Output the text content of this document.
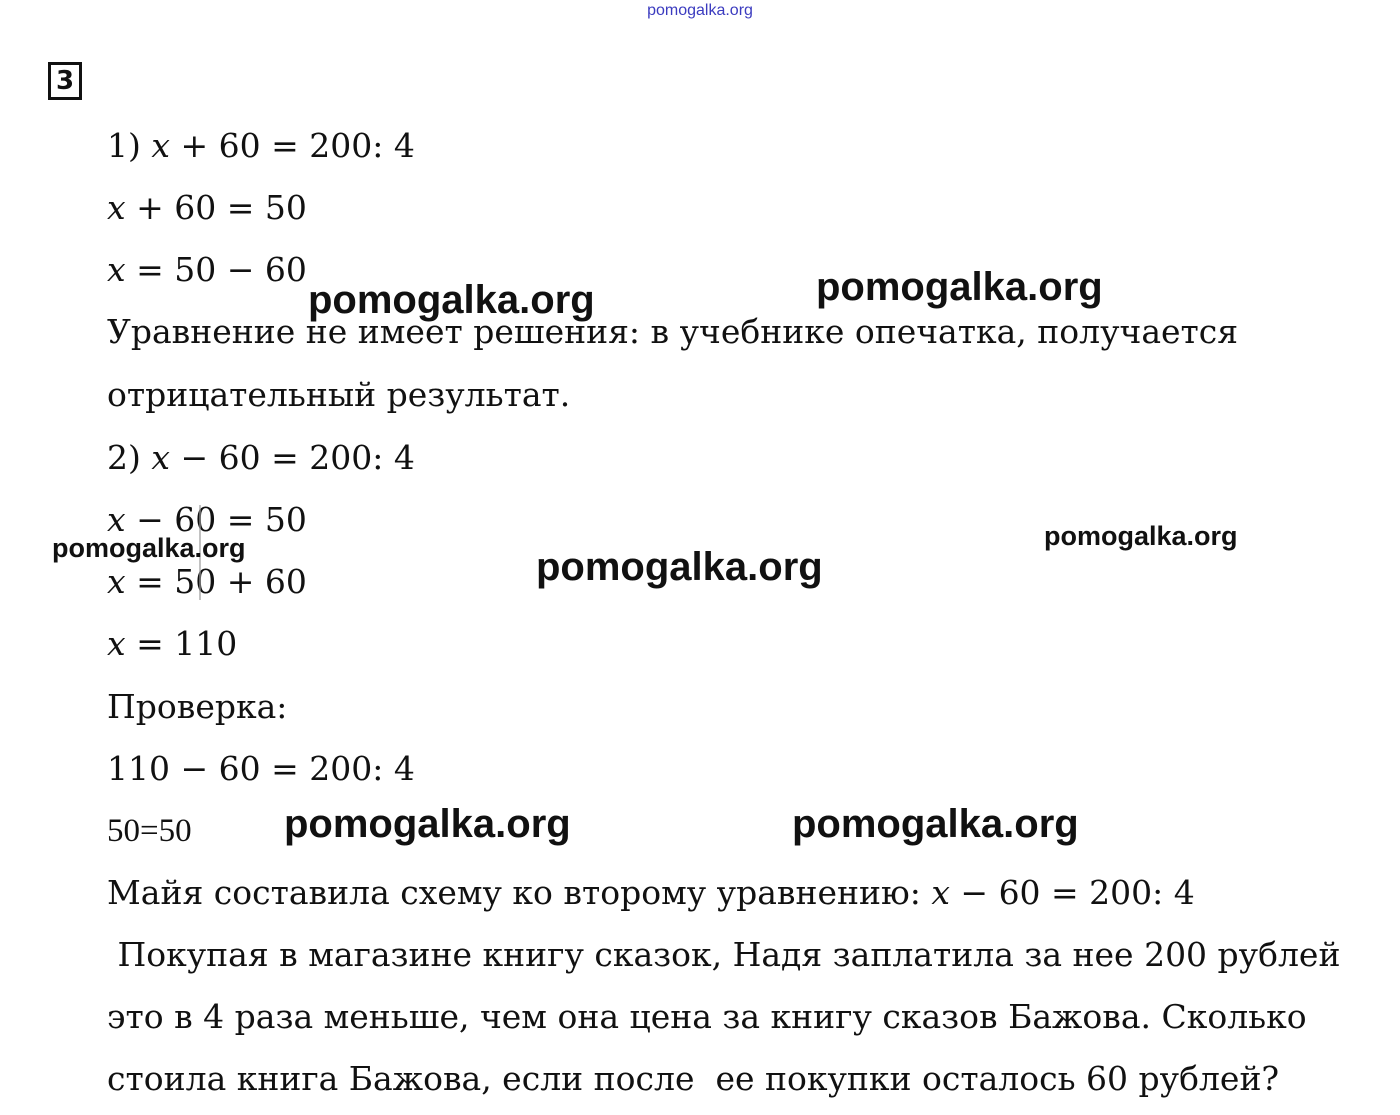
pomogalka.org
3
1) 𝑥 + 60 = 200: 4
𝑥 + 60 = 50
𝑥 = 50 − 60
Уравнение не имеет решения: в учебнике опечатка, получается
отрицательный результат.
2) 𝑥 − 60 = 200: 4
𝑥 − 60 = 50
𝑥 = 50 + 60
𝑥 = 110
Проверка:
110 − 60 = 200: 4
50=50
Майя составила схему ко второму уравнению: 𝑥 − 60 = 200: 4
Покупая в магазине книгу сказок, Надя заплатила за нее 200 рублей
это в 4 раза меньше, чем она цена за книгу сказов Бажова. Сколько
стоила книга Бажова, если после  ее покупки осталось 60 рублей?
pomogalka.org	pomogalka.org
pomogalka.org	pomogalka.org
pomogalka.org
pomogalka.org	pomogalka.org
